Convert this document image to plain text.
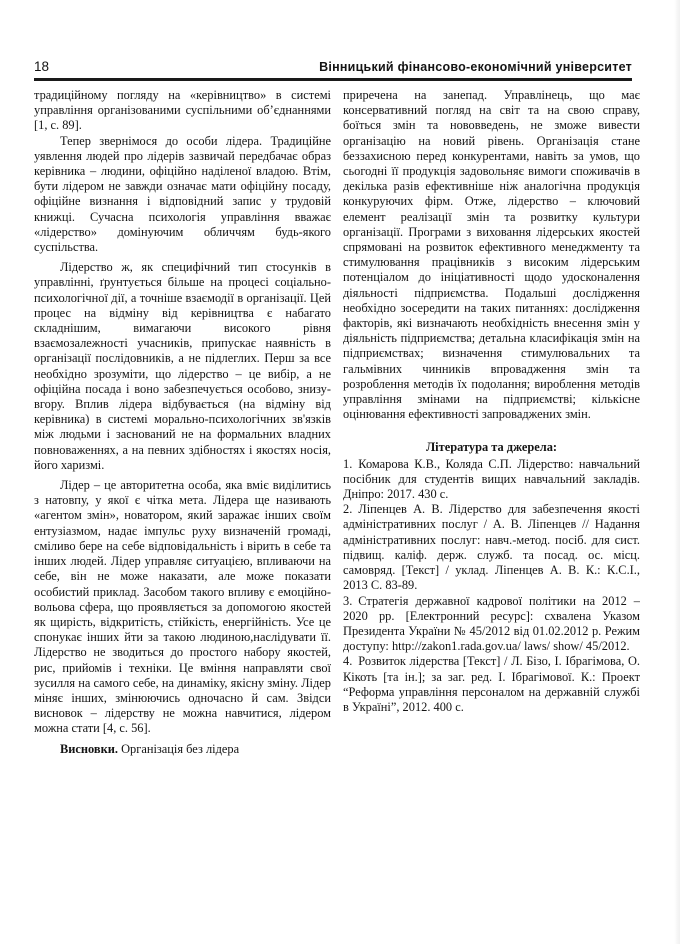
18	Вінницький фінансово-економічний університет

традиційному погляду на «керівництво» в системі управління організованими суспільними об’єднаннями [1, с. 89].

Тепер звернімося до особи лідера. Традиційне уявлення людей про лідерів зазвичай передбачає образ керівника – людини, офіційно наділеної владою. Втім, бути лідером не завжди означає мати офіційну посаду, офіційне визнання і відповідний запис у трудовій книжці. Сучасна психологія управління вважає «лідерство» домінуючим обличчям будь-якого суспільства.

Лідерство ж, як специфічний тип стосунків в управлінні, ґрунтується більше на процесі соціально-психологічної дії, а точніше взаємодії в організації. Цей процес на відміну від керівництва є набагато складнішим, вимагаючи високого рівня взаємозалежності учасників, припускає наявність в організації послідовників, а не підлеглих. Перш за все необхідно зрозуміти, що лідерство – це вибір, а не офіційна посада і воно забезпечується особово, знизу-вгору. Вплив лідера відбувається (на відміну від керівника) в системі морально-психологічних зв'язків між людьми і заснований не на формальних владних повноваженнях, а на певних здібностях і якостях носія, його харизмі.

Лідер – це авторитетна особа, яка вміє виділитись з натовпу, у якої є чітка мета. Лідера ще називають «агентом змін», новатором, який заражає інших своїм ентузіазмом, надає імпульс руху визначеній громаді, сміливо бере на себе відповідальність і вірить в себе та інших людей. Лідер управляє ситуацією, впливаючи на себе, він не може наказати, але може показати особистий приклад. Засобом такого впливу є емоційно-вольова сфера, що проявляється за допомогою якостей як щирість, відкритість, стійкість, енергійність. Усе це спонукає інших йти за такою людиною,наслідувати її. Лідерство не зводиться до простого набору якостей, рис, прийомів і техніки. Це вміння направляти свої зусилля на самого себе, на динаміку, якісну зміну. Лідер міняє інших, змінюючись одночасно й сам. Звідси висновок – лідерству не можна навчитися, лідером можна стати [4, с. 56].

Висновки. Організація без лідера

приречена на занепад. Управлінець, що має консервативний погляд на світ та на свою справу, боїться змін та нововведень, не зможе вивести організацію на новий рівень. Організація стане беззахисною перед конкурентами, навіть за умов, що сьогодні її продукція задовольняє вимоги споживачів в декілька разів ефективніше ніж аналогічна продукція конкуруючих фірм. Отже, лідерство – ключовий елемент реалізації змін та розвитку культури організації. Програми з виховання лідерських якостей спрямовані на розвиток ефективного менеджменту та стимулювання працівників з високим лідерським потенціалом до ініціативності щодо удосконалення діяльності підприємства. Подальші дослідження необхідно зосередити на таких питаннях: дослідження факторів, які визначають необхідність внесення змін у діяльність підприємства; детальна класифікація змін на підприємствах; визначення стимулювальних та гальмівних чинників впровадження змін та розроблення методів їх подолання; вироблення методів управління змінами на підприємстві; кількісне оцінювання ефективності запроваджених змін.

Література та джерела:

1. Комарова К.В., Коляда С.П. Лідерство: навчальний посібник для студентів вищих навчальний закладів. Дніпро: 2017. 430 с.

2. Ліпенцев А. В. Лідерство для забезпечення якості адміністративних послуг / А. В. Ліпенцев // Надання адміністративних послуг: навч.-метод. посіб. для сист. підвищ. каліф. держ. служб. та посад. ос. місц. самовряд. [Текст] / уклад. Ліпенцев А. В. К.: К.С.І., 2013 С. 83-89.

3. Стратегія державної кадрової політики на 2012 – 2020 рр. [Електронний ресурс]: схвалена Указом Президента України № 45/2012 від 01.02.2012 р. Режим доступу: http://zakon1.rada.gov.ua/ laws/ show/ 45/2012.

4. Розвиток лідерства [Текст] / Л. Бізо, І. Ібрагімова, О. Кікоть [та ін.]; за заг. ред. І. Ібрагімової. К.: Проект “Реформа управління персоналом на державній службі в Україні”, 2012. 400 с.
